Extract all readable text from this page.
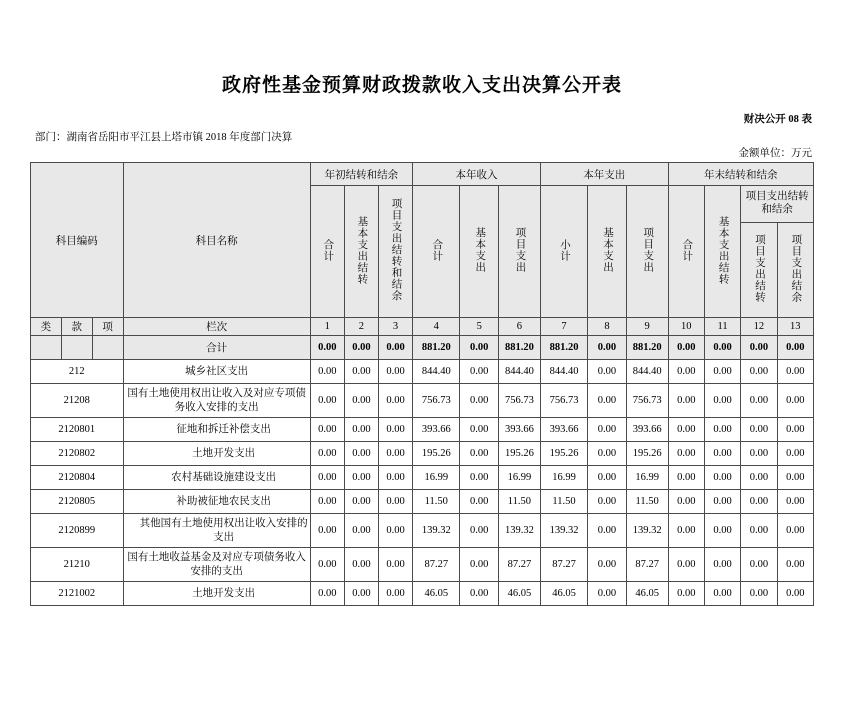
政府性基金预算财政拨款收入支出决算公开表
财决公开 08 表
部门：湖南省岳阳市平江县上塔市镇 2018 年度部门决算
金额单位：万元
科目编码			科目名称	年初结转和结余			本年收入			本年支出			年末结转和结余			
				合计	基本支出结转	项目支出结转和结余	合计	基本支出	项目支出	小计	基本支出	项目支出	合计	基本支出结转	项目支出结转和结余	
															项目支出结转	项目支出结余
类	款	项	栏次	1	2	3	4	5	6	7	8	9	10	11	12	13
			合计	0.00	0.00	0.00	881.20	0.00	881.20	881.20	0.00	881.20	0.00	0.00	0.00	0.00
212			城乡社区支出	0.00	0.00	0.00	844.40	0.00	844.40	844.40	0.00	844.40	0.00	0.00	0.00	0.00
21208			国有土地使用权出让收入及对应专项债务收入安排的支出	0.00	0.00	0.00	756.73	0.00	756.73	756.73	0.00	756.73	0.00	0.00	0.00	0.00
2120801			征地和拆迁补偿支出	0.00	0.00	0.00	393.66	0.00	393.66	393.66	0.00	393.66	0.00	0.00	0.00	0.00
2120802			土地开发支出	0.00	0.00	0.00	195.26	0.00	195.26	195.26	0.00	195.26	0.00	0.00	0.00	0.00
2120804			农村基础设施建设支出	0.00	0.00	0.00	16.99	0.00	16.99	16.99	0.00	16.99	0.00	0.00	0.00	0.00
2120805			补助被征地农民支出	0.00	0.00	0.00	11.50	0.00	11.50	11.50	0.00	11.50	0.00	0.00	0.00	0.00
2120899			其他国有土地使用权出让收入安排的支出	0.00	0.00	0.00	139.32	0.00	139.32	139.32	0.00	139.32	0.00	0.00	0.00	0.00
21210			国有土地收益基金及对应专项债务收入安排的支出	0.00	0.00	0.00	87.27	0.00	87.27	87.27	0.00	87.27	0.00	0.00	0.00	0.00
2121002			土地开发支出	0.00	0.00	0.00	46.05	0.00	46.05	46.05	0.00	46.05	0.00	0.00	0.00	0.00
